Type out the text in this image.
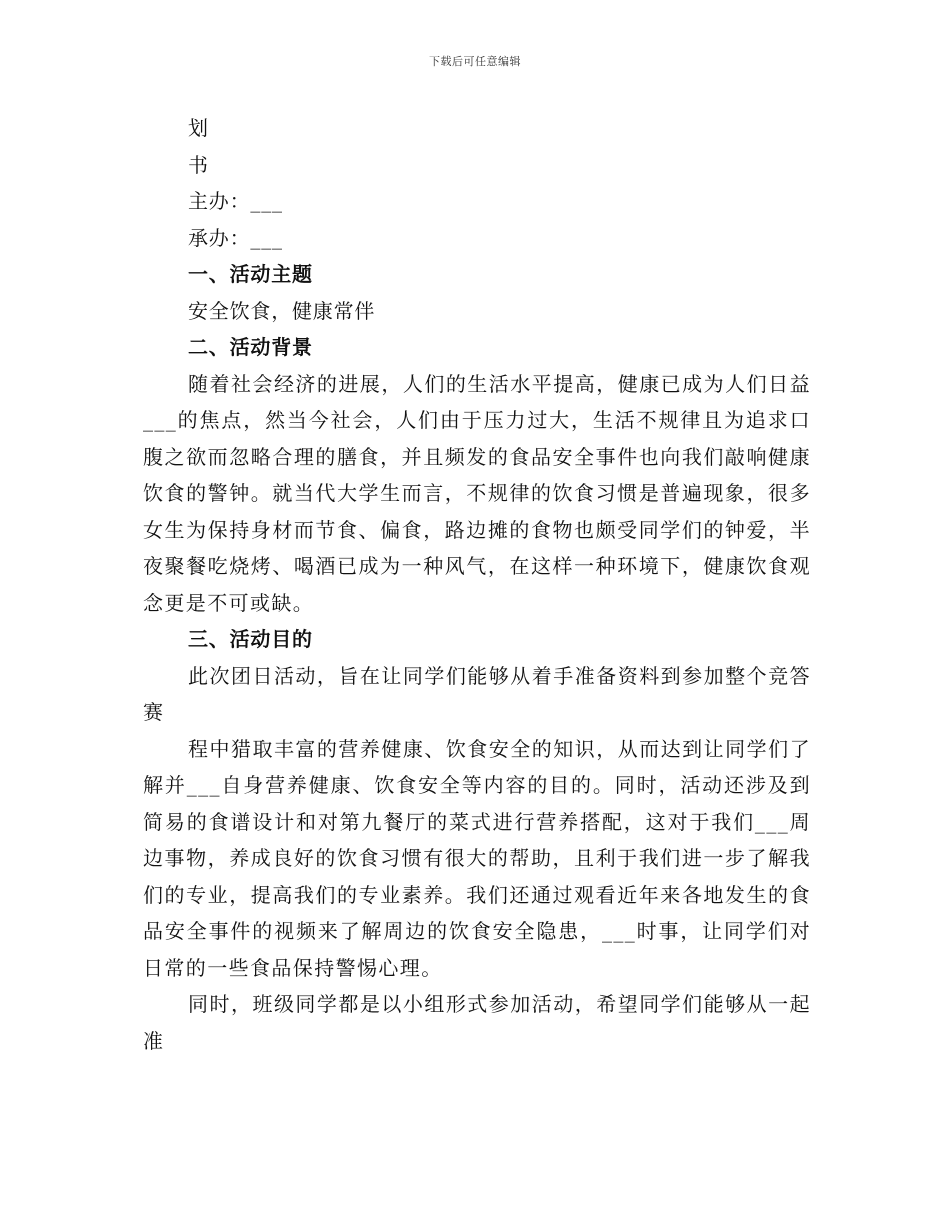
下载后可任意编辑
划
书
主办：___
承办：___
一、活动主题
安全饮食，健康常伴
二、活动背景

随着社会经济的进展，人们的生活水平提高，健康已成为人们日益___的焦点，然当今社会，人们由于压力过大，生活不规律且为追求口腹之欲而忽略合理的膳食，并且频发的食品安全事件也向我们敲响健康饮食的警钟。就当代大学生而言，不规律的饮食习惯是普遍现象，很多女生为保持身材而节食、偏食，路边摊的食物也颇受同学们的钟爱，半夜聚餐吃烧烤、喝酒已成为一种风气，在这样一种环境下，健康饮食观念更是不可或缺。

三、活动目的

此次团日活动，旨在让同学们能够从着手准备资料到参加整个竞答赛

程中猎取丰富的营养健康、饮食安全的知识，从而达到让同学们了解并___自身营养健康、饮食安全等内容的目的。同时，活动还涉及到简易的食谱设计和对第九餐厅的菜式进行营养搭配，这对于我们___周边事物，养成良好的饮食习惯有很大的帮助，且利于我们进一步了解我们的专业，提高我们的专业素养。我们还通过观看近年来各地发生的食品安全事件的视频来了解周边的饮食安全隐患，___时事，让同学们对日常的一些食品保持警惕心理。

同时，班级同学都是以小组形式参加活动，希望同学们能够从一起准
